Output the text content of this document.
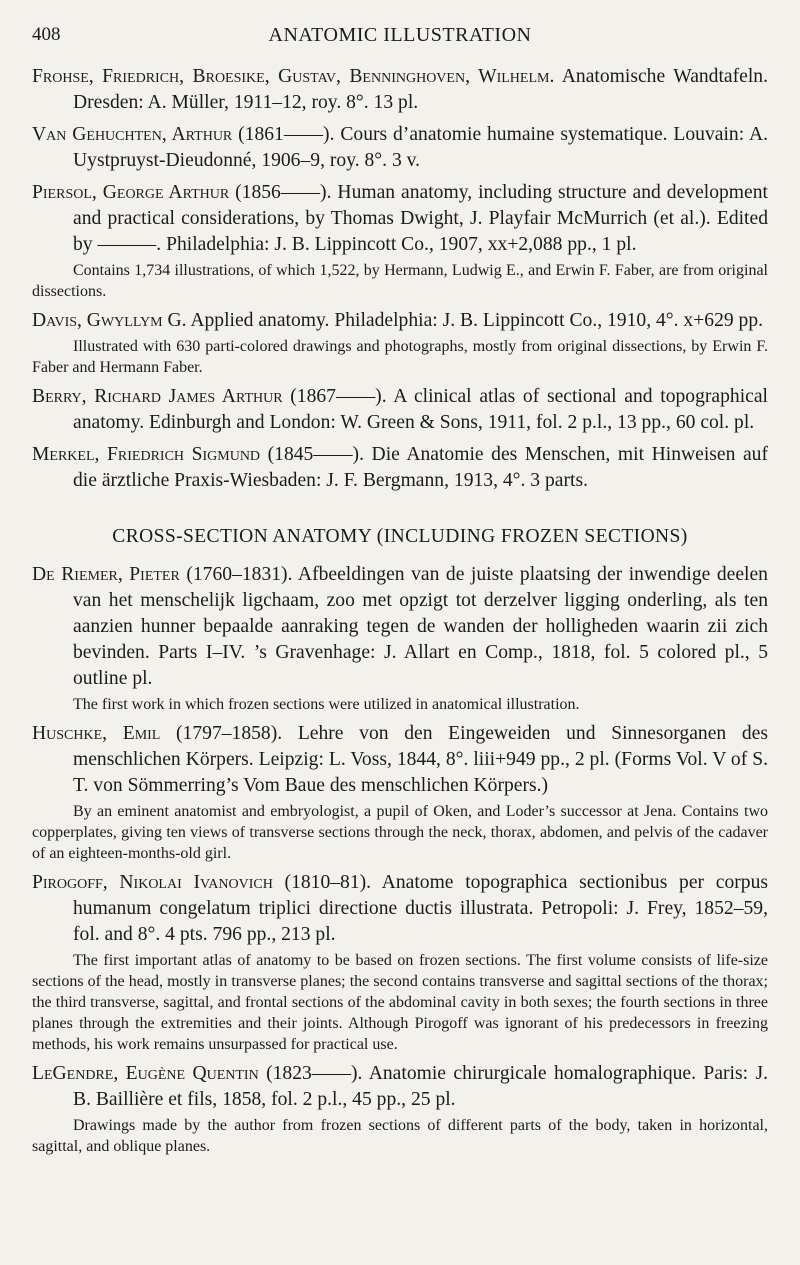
408	ANATOMIC ILLUSTRATION

Frohse, Friedrich, Broesike, Gustav, Benninghoven, Wilhelm. Anatomische Wandtafeln. Dresden: A. Müller, 1911–12, roy. 8°. 13 pl.

Van Gehuchten, Arthur (1861——). Cours d’anatomie humaine systematique. Louvain: A. Uystpruyst-Dieudonné, 1906–9, roy. 8°. 3 v.

Piersol, George Arthur (1856——). Human anatomy, including structure and development and practical considerations, by Thomas Dwight, J. Playfair McMurrich (et al.). Edited by ———. Philadelphia: J. B. Lippincott Co., 1907, xx+2,088 pp., 1 pl.

Contains 1,734 illustrations, of which 1,522, by Hermann, Ludwig E., and Erwin F. Faber, are from original dissections.

Davis, Gwyllym G. Applied anatomy. Philadelphia: J. B. Lippincott Co., 1910, 4°. x+629 pp.

Illustrated with 630 parti-colored drawings and photographs, mostly from original dissections, by Erwin F. Faber and Hermann Faber.

Berry, Richard James Arthur (1867——). A clinical atlas of sectional and topographical anatomy. Edinburgh and London: W. Green & Sons, 1911, fol. 2 p.l., 13 pp., 60 col. pl.

Merkel, Friedrich Sigmund (1845——). Die Anatomie des Menschen, mit Hinweisen auf die ärztliche Praxis-Wiesbaden: J. F. Bergmann, 1913, 4°. 3 parts.

CROSS-SECTION ANATOMY (INCLUDING FROZEN SECTIONS)

De Riemer, Pieter (1760–1831). Afbeeldingen van de juiste plaatsing der inwendige deelen van het menschelijk ligchaam, zoo met opzigt tot derzelver ligging onderling, als ten aanzien hunner bepaalde aanraking tegen de wanden der holligheden waarin zii zich bevinden. Parts I–IV. ’s Gravenhage: J. Allart en Comp., 1818, fol. 5 colored pl., 5 outline pl.

The first work in which frozen sections were utilized in anatomical illustration.

Huschke, Emil (1797–1858). Lehre von den Eingeweiden und Sinnesorganen des menschlichen Körpers. Leipzig: L. Voss, 1844, 8°. liii+949 pp., 2 pl. (Forms Vol. V of S. T. von Sömmerring’s Vom Baue des menschlichen Körpers.)

By an eminent anatomist and embryologist, a pupil of Oken, and Loder’s successor at Jena. Contains two copperplates, giving ten views of transverse sections through the neck, thorax, abdomen, and pelvis of the cadaver of an eighteen-months-old girl.

Pirogoff, Nikolai Ivanovich (1810–81). Anatome topographica sectionibus per corpus humanum congelatum triplici directione ductis illustrata. Petropoli: J. Frey, 1852–59, fol. and 8°. 4 pts. 796 pp., 213 pl.

The first important atlas of anatomy to be based on frozen sections. The first volume consists of life-size sections of the head, mostly in transverse planes; the second contains transverse and sagittal sections of the thorax; the third transverse, sagittal, and frontal sections of the abdominal cavity in both sexes; the fourth sections in three planes through the extremities and their joints. Although Pirogoff was ignorant of his predecessors in freezing methods, his work remains unsurpassed for practical use.

LeGendre, Eugène Quentin (1823——). Anatomie chirurgicale homalographique. Paris: J. B. Baillière et fils, 1858, fol. 2 p.l., 45 pp., 25 pl.

Drawings made by the author from frozen sections of different parts of the body, taken in horizontal, sagittal, and oblique planes.
